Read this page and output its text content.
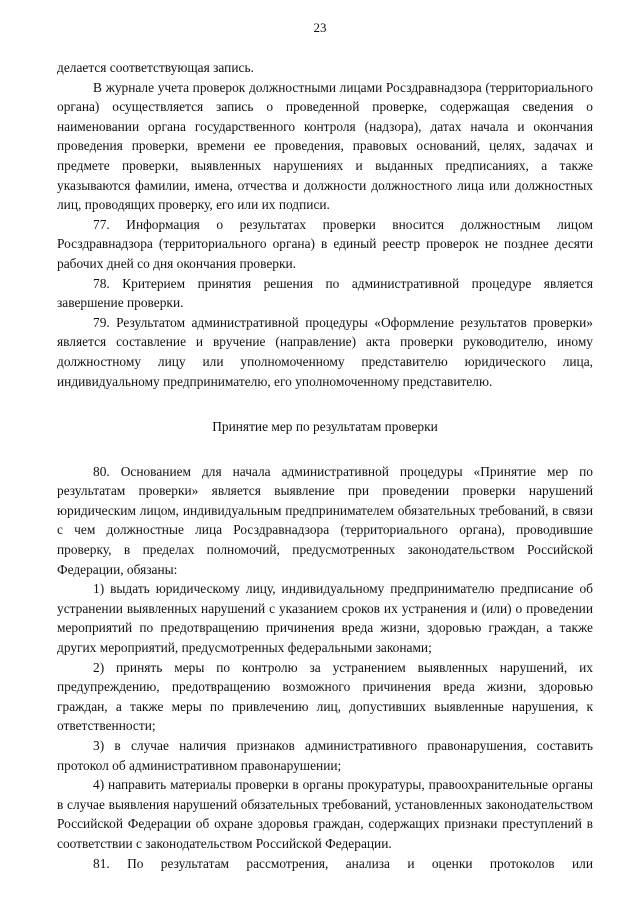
23

делается соответствующая запись.

В журнале учета проверок должностными лицами Росздравнадзора (территориального органа) осуществляется запись о проведенной проверке, содержащая сведения о наименовании органа государственного контроля (надзора), датах начала и окончания проведения проверки, времени ее проведения, правовых оснований, целях, задачах и предмете проверки, выявленных нарушениях и выданных предписаниях, а также указываются фамилии, имена, отчества и должности должностного лица или должностных лиц, проводящих проверку, его или их подписи.

77. Информация о результатах проверки вносится должностным лицом Росздравнадзора (территориального органа) в единый реестр проверок не позднее десяти рабочих дней со дня окончания проверки.

78. Критерием принятия решения по административной процедуре является завершение проверки.

79. Результатом административной процедуры «Оформление результатов проверки» является составление и вручение (направление) акта проверки руководителю, иному должностному лицу или уполномоченному представителю юридического лица, индивидуальному предпринимателю, его уполномоченному представителю.

Принятие мер по результатам проверки

80. Основанием для начала административной процедуры «Принятие мер по результатам проверки» является выявление при проведении проверки нарушений юридическим лицом, индивидуальным предпринимателем обязательных требований, в связи с чем должностные лица Росздравнадзора (территориального органа), проводившие проверку, в пределах полномочий, предусмотренных законодательством Российской Федерации, обязаны:

1) выдать юридическому лицу, индивидуальному предпринимателю предписание об устранении выявленных нарушений с указанием сроков их устранения и (или) о проведении мероприятий по предотвращению причинения вреда жизни, здоровью граждан, а также других мероприятий, предусмотренных федеральными законами;

2) принять меры по контролю за устранением выявленных нарушений, их предупреждению, предотвращению возможного причинения вреда жизни, здоровью граждан, а также меры по привлечению лиц, допустивших выявленные нарушения, к ответственности;

3) в случае наличия признаков административного правонарушения, составить протокол об административном правонарушении;

4) направить материалы проверки в органы прокуратуры, правоохранительные органы в случае выявления нарушений обязательных требований, установленных законодательством Российской Федерации об охране здоровья граждан, содержащих признаки преступлений в соответствии с законодательством Российской Федерации.

81. По результатам рассмотрения, анализа и оценки протоколов или
